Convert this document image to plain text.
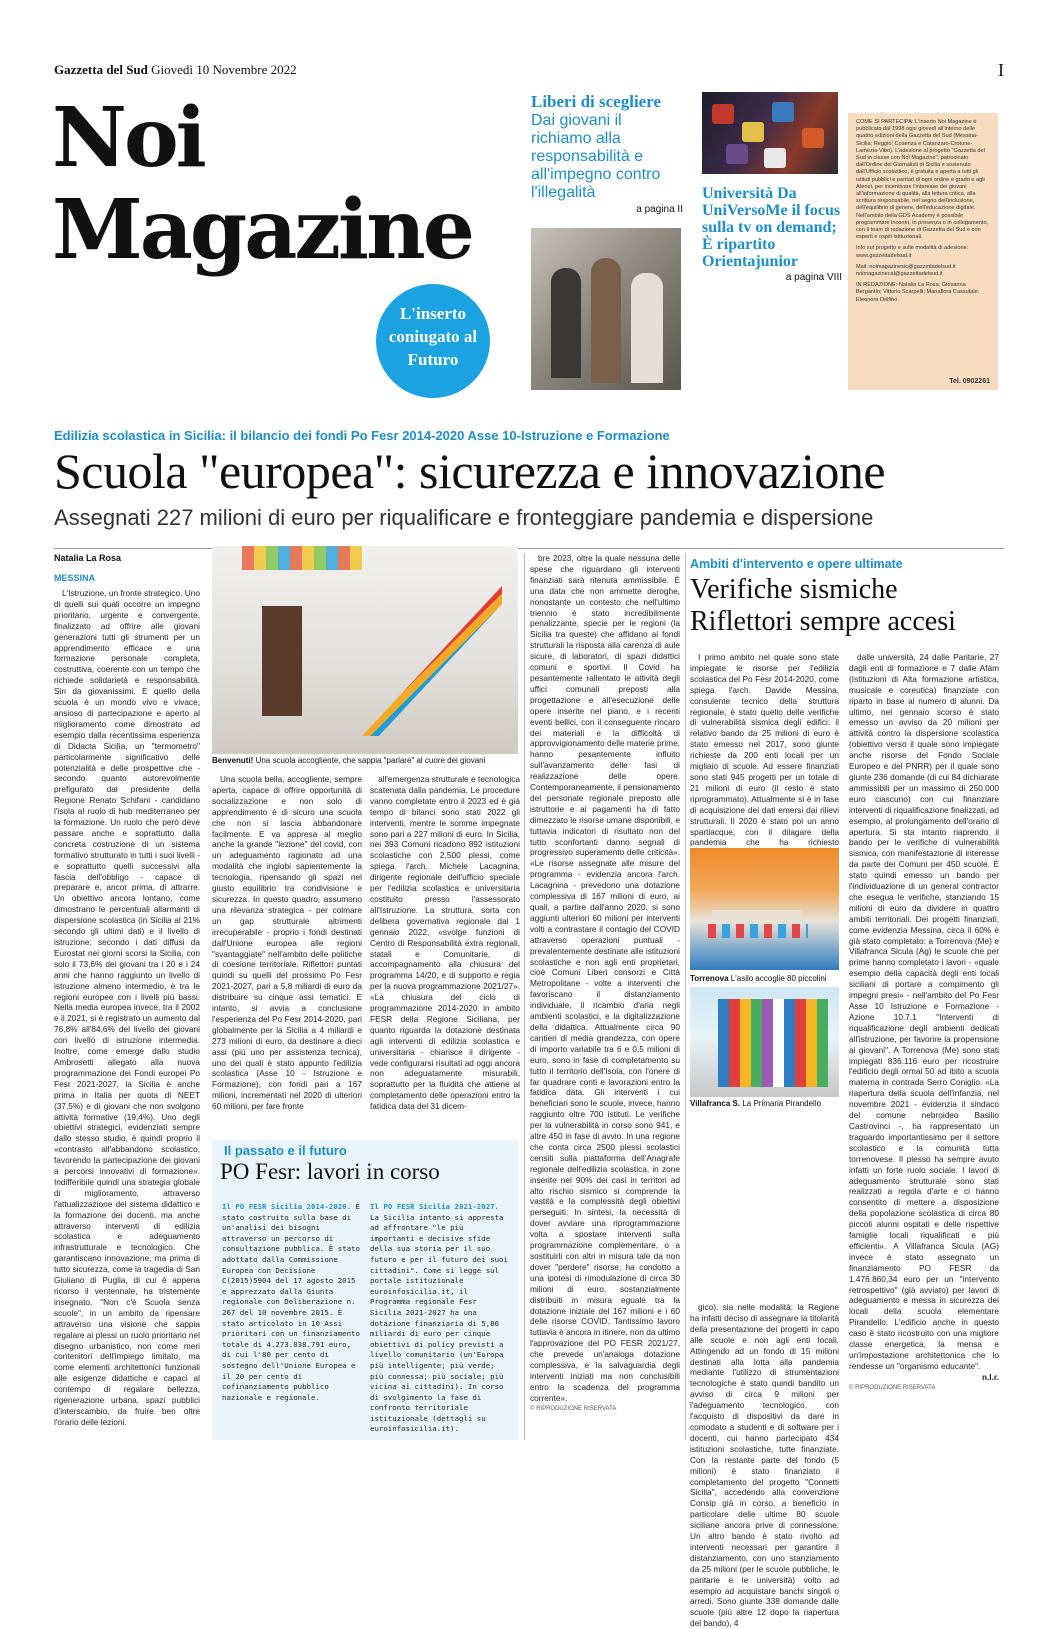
Gazzetta del Sud Giovedì 10 Novembre 2022	I
Noi
Magazine
L'inserto coniugato al Futuro
Liberi di scegliere
Dai giovani il richiamo alla responsabilità e all'impegno contro l'illegalità
a pagina II
Università Da UniVersoMe il focus sulla tv on demand; È ripartito Orientajunior
a pagina VIII

COME SI PARTECIPA: L'inserto Noi Magazine è pubblicato dal 1998 ogni giovedì all'interno delle quattro edizioni della Gazzetta del Sud (Messina-Sicilia; Reggio; Cosenza e Catanzaro-Crotone-Lamezia-Vibo). L'adesione al progetto "Gazzetta del Sud in classe con Noi Magazine", patrocinato dall'Ordine dei Giornalisti di Sicilia e sostenuto dall'Ufficio scolastico, è gratuita e aperta a tutti gli istituti pubblici e paritari di ogni ordine e grado e agli Atenei, per incentivare l'interesse dei giovani all'informazione di qualità, alla lettura critica, alla scrittura responsabile, nel segno dell'inclusione, dell'equilibrio di genere, dell'educazione digitale. Nell'ambito della GDS Academy è possibile programmare incontri, in presenza o in collegamento, con il team di redazione di Gazzetta del Sud e con esperti e ospiti istituzionali.

Info sul progetto e sulle modalità di adesione: www.gazzettadelsud.it

Mail: noimagazinesic@gazzettadelsud.it noimagazinecal@gazzettadelsud.it

IN REDAZIONE: Natalia La Rosa; Giovanna Bergantin; Vittorio Scarpelli; Mariaflora Cassutale; Eleonora Delfino.

Tel. 0902261
Edilizia scolastica in Sicilia: il bilancio dei fondi Po Fesr 2014-2020 Asse 10-Istruzione e Formazione
Scuola "europea": sicurezza e innovazione
Assegnati 227 milioni di euro per riqualificare e fronteggiare pandemia e dispersione
Natalia La Rosa
MESSINA

L'Istruzione, un fronte strategico. Uno di quelli sui quali occorre un impegno prioritario, urgente e convergente, finalizzato ad offrire alle giovani generazioni tutti gli strumenti per un apprendimento efficace e una formazione personale completa, costruttiva, coerente con un tempo che richiede solidarietà e responsabilità. Sin da giovanissimi. E quello della scuola è un mondo vivo e vivace, ansioso di partecipazione e aperto al miglioramento come dimostrato ad esempio dalla recentissima esperienza di Didacta Sicilia, un "termometro" particolarmente significativo delle potenzialità e delle prospettive che - secondo quanto autorevolmente prefigurato dal presidente della Regione Renato Schifani - candidano l'isola al ruolo di hub mediterraneo per la formazione. Un ruolo che però deve passare anche e soprattutto dalla concreta costruzione di un sistema formativo strutturato in tutti i suoi livelli - e soprattutto quelli successivi alla fascia dell'obbligo - capace di preparare e, ancor prima, di attrarre. Un obiettivo ancora lontano, come dimostrano le percentuali allarmanti di dispersione scolastica (in Sicilia al 21% secondo gli ultimi dati) e il livello di istruzione: secondo i dati diffusi da Eurostat nei giorni scorsi la Sicilia, con solo il 73,6% dei giovani tra i 20 e i 24 anni che hanno raggiunto un livello di istruzione almeno intermedio, è tra le regioni europee con i livelli più bassi. Nella media europea invece, tra il 2002 e il 2021, si è registrato un aumento dal 76,8% all'84,6% del livello dei giovani con livello di istruzione intermedia. Inoltre, come emerge dallo studio Ambrosetti allegato alla nuova programmazione dei Fondi europei Po Fesr 2021-2027, la Sicilia è anche prima in Italia per quota di NEET (37,5%) e di giovani che non svolgono attività formative (19,4%). Uno degli obiettivi strategici, evidenziati sempre dallo stesso studio, è quindi proprio il «contrasto all'abbandono scolastico, favorendo la partecipazione dei giovani a percorsi innovativi di formazione». Indifferibile quindi una strategia globale di miglioramento, attraverso l'attualizzazione del sistema didattico e la formazione dei docenti, ma anche attraverso interventi di edilizia scolastica e adeguamento infrastrutturale e tecnologico. Che garantiscano innovazione, ma prima di tutto sicurezza, come la tragedia di San Giuliano di Puglia, di cui è appena ricorso il ventennale, ha tristemente insegnato. "Non c'è Scuola senza scuole", in un ambito da ripensare attraverso una visione che sappia regalare ai plessi un ruolo prioritario nel disegno urbanistico, non come meri contenitori dell'impiego limitato, ma come elementi architettonici funzionali alle esigenze didattiche e capaci al contempo di regalare bellezza, rigenerazione urbana, spazi pubblici d'interscambio, da fruire ben oltre l'orario delle lezioni.

Benvenuti! Una scuola accogliente, che sappia "parlare" al cuore dei giovani

Una scuola bella, accogliente, sempre aperta, capace di offrire opportunità di socializzazione e non solo di apprendimento è di sicuro una scuola che non si lascia abbandonare facilmente. E va appresa al meglio anche la grande "lezione" del covid, con un adeguamento ragionato ad una modalità che inglobi sapientemente la tecnologia, ripensando gli spazi nel giusto equilibrio tra condivisione e sicurezza. In questo quadro, assumono una rilevanza strategica - per colmare un gap strutturale altrimenti irrecuperabile - proprio i fondi destinati dall'Unione europea alle regioni "svantaggiate" nell'ambito delle politiche di coesione territoriale. Riflettori puntati quindi su quelli del prossimo Po Fesr 2021-2027, pari a 5,8 miliardi di euro da distribuire su cinque assi tematici. E intanto, si avvia a conclusione l'esperienza del Po Fesr 2014-2020, pari globalmente per la Sicilia a 4 miliardi e 273 milioni di euro, da destinare a dieci assi (più uno per assistenza tecnica), uno dei quali è stato appunto l'edilizia scolastica (Asse 10 - Istruzione e Formazione), con fondi pari a 167 milioni, incrementati nel 2020 di ulteriori 60 milioni, per fare fronte

all'emergenza strutturale e tecnologica scatenata dalla pandemia. Le procedure vanno completate entro il 2023 ed è già tempo di bilanci sono stati 2022 gli interventi, mentre le somme impegnate sono pari a 227 milioni di euro. In Sicilia, nei 393 Comuni ricadono 892 istituzioni scolastiche con 2.500 plessi, come spiega l'arch. Michele Lacagnina, dirigente regionale dell'ufficio speciale per l'edilizia scolastica e universitaria costituito presso l'assessorato all'Istruzione. La struttura, sorta con delibera governativa regionale dal 1 gennaio 2022, «svolge funzioni di Centro di Responsabilità extra regionali, statali e Comunitarie, di accompagnamento alla chiusura del programma 14/20, e di supporto e regia per la nuova programmazione 2021/27». «La chiusura del ciclo di programmazione 2014-2020 in ambito FESR della Regione Siciliana, per quanto riguarda la dotazione destinata agli interventi di edilizia scolastica e universitaria - chiarisce il dirigente - vede configurarsi risultati ad oggi ancora non adeguatamente misurabili, soprattutto per la fluidità che attiene al completamento delle operazioni entro la fatidica data del 31 dicem-

bre 2023, oltre la quale nessuna delle spese che riguardano gli interventi finanziati sarà ritenuta ammissibile. È una data che non ammette deroghe, nonostante un contesto che nell'ultimo triennio è stato incredibilmente penalizzante, specie per le regioni (la Sicilia tra queste) che affidano ai fondi strutturali la risposta alla carenza di aule sicure, di laboratori, di spazi didattici comuni e sportivi. Il Covid ha pesantemente rallentato le attività degli uffici comunali preposti alla progettazione e all'esecuzione delle opere inserite nel piano, e i recenti eventi bellici, con il conseguente rincaro dei materiali e la difficoltà di approvvigionamento delle materie prime, hanno pesantemente influito sull'avanzamento delle fasi di realizzazione delle opere. Contemporaneamente, il pensionamento del personale regionale preposto alle istruttorie e ai pagamenti ha di fatto dimezzato le risorse umane disponibili, e tuttavia indicatori di risultato non del tutto sconfortanti danno segnali di progressivo superamento delle criticità». «Le risorse assegnate alle misure del programma - evidenzia ancora l'arch. Lacagnina - prevedono una dotazione complessiva di 167 milioni di euro, ai quali, a partire dall'anno 2020, si sono aggiunti ulteriori 60 milioni per interventi volti a contrastare il contagio del COVID attraverso operazioni puntuali - prevalentemente destinate alle istituzioni scolastiche e non agli enti proprietari, cioè Comuni Liberi consorzi e Città Metropolitane - volte a interventi che favoriscano il distanziamento individuale, il ricambio d'aria negli ambienti scolastici, e la digitalizzazione della didattica. Attualmente circa 90 cantieri di media grandezza, con opere di importo variabile tra 6 e 0,5 milioni di euro, sono in fase di completamento su tutto il territorio dell'Isola, con l'onere di far quadrare conti e lavorazioni entro la fatidica data. Gli interventi i cui beneficiari sono le scuole, invece, hanno raggiunto oltre 700 istituti. Le verifiche per la vulnerabilità in corso sono 941, e altre 450 in fase di avvio. In una regione che conta circa 2500 plessi scolastici censiti sulla piattaforma dell'Anagrafe regionale dell'edilizia scolastica, in zone inserite nel 90% dei casi in territori ad alto rischio sismico si comprende la vastità e la complessità degli obiettivi perseguiti. In sintesi, la necessità di dover avviare una riprogrammazione volta a spostare interventi sulla programmazione complementare, o a sostituirli con altri in misura tale da non dover "perdere" risorse, ha condotto a una ipotesi di rimodulazione di circa 30 milioni di euro, sostanzialmente distribuiti in misura eguale tra la dotazione iniziale del 167 milioni e i 60 delle risorse COVID. Tantissimo lavoro tuttavia è ancora in itinere, non da ultimo l'approvazione del PO FESR 2021/27, che prevede un'analoga dotazione complessiva, e la salvaguardia degli interventi iniziati ma non conclusibili entro la scadenza del programma corrente».

© RIPRODUZIONE RISERVATA
Il passato e il futuro
PO Fesr: lavori in corso
Il PO FESR Sicilia 2014-2020. È stato costruito sulla base di un'analisi dei bisogni attraverso un percorso di consultazione pubblica. È stato adottato dalla Commissione Europea con Decisione C(2015)5904 del 17 agosto 2015 e apprezzato dalla Giunta regionale con Deliberazione n. 267 del 10 novembre 2015. È stato articolato in 10 Assi prioritari con un finanziamento totale di 4.273.038.791 euro, di cui l'80 per cento di sostegno dell'Unione Europea e il 20 per cento di cofinanziamento pubblico nazionale e regionale.
Il PO FESR Sicilia 2021-2027. La Sicilia intanto si appresta ad affrontare "le più importanti e decisive sfide della sua storia per il suo futuro e per il futuro dei suoi cittadini". Come si legge sul portale istituzionale euroinfosicilia.it, il Programma regionale Fesr Sicilia 2021-2027 ha una dotazione finanziaria di 5,86 miliardi di euro per cinque obiettivi di policy previsti a livello comunitario (un'Europa più intelligente; più verde; più connessa; più sociale; più vicina ai cittadini). In corso di svolgimento la fase di confronto territoriale istituzionale (dettagli su euroinfosicilia.it).
Ambiti d'intervento e opere ultimate
Verifiche sismiche Riflettori sempre accesi

I primo ambito nel quale sono state impiegate le risorse per l'edilizia scolastica del Po Fesr 2014-2020, come spiega l'arch. Davide Messina, consulente tecnico della struttura regionale, è stato quello delle verifiche di vulnerabilità sismica degli edifici: il relativo bando da 25 milioni di euro è stato emesso nel 2017, sono giunte richieste da 200 enti locali per un migliaio di scuole. Ad essere finanziati sono stati 945 progetti per un totale di 21 milioni di euro (il resto è stato riprogrammato). Attualmente si è in fase di acquisizione dei dati emersi dai rilievi strutturali. Il 2020 è stato poi un anno spartiacque, con il dilagare della pandemia che ha richiesto

gico), sia nelle modalità: la Regione ha infatti deciso di assegnare la titolarità della presentazione dei progetti in capo alle scuole e non agli enti locali. Attingendo ad un fondo di 15 milioni destinati alla lotta alla pandemia mediante l'utilizzo di strumentazioni tecnologiche è stato quindi bandito un avviso di circa 9 milioni per l'adeguamento tecnologico, con l'acquisto di dispositivi da dare in comodato a studenti e di software per i docenti, cui hanno partecipato 434 istituzioni scolastiche, tutte finanziate. Con la restante parte del fondo (5 milioni) è stato finanziato il completamento del progetto "Connetti Sicilia", accedendo alla convenzione Consip già in corso, a beneficio in particolare delle ultime 80 scuole siciliane ancora prive di connessione. Un altro bando è stato rivolto ad interventi necessari per garantire il distanziamento, con uno stanziamento da 25 milioni (per le scuole pubbliche, le paritarie e le università) volto ad esempio ad acquistare banchi singoli o arredi. Sono giunte 338 domande dalle scuole (più altre 12 dopo la riapertura del bando), 4

Torrenova L'asilo accoglie 80 piccolini
Villafranca S. La Primaria Pirandello

dalle università, 24 dalle Paritarie, 27 dagli enti di formazione e 7 dalle Afam (Istituzioni di Alta formazione artistica, musicale e coreutica) finanziate con riparto in base al numero di alunni. Da ultimo, nel gennaio scorso è stato emesso un avviso da 20 milioni per attività contro la dispersione scolastica (obiettivo verso il quale sono impiegate anche risorse del Fondo Sociale Europeo e del PNRR) per il quale sono giunte 236 domande (di cui 84 dichiarate ammissibili per un massimo di 250.000 euro ciascuno) con cui finanziare interventi di riqualificazione finalizzati, ad esempio, al prolungamento dell'orario di apertura. Si sta intanto riaprendo il bando per le verifiche di vulnerabilità sismica, con manifestazione di interesse da parte dei Comuni per 450 scuole. È stato quindi emesso un bando per l'individuazione di un general contractor che esegua le verifiche, stanziando 15 milioni di euro da dividere in quattro ambiti territoriali. Dei progetti finanziati, come evidenzia Messina, circa il 60% è già stato completato: a Torrenova (Me) e Villafranca Sicula (Ag) le scuole che per prime hanno completato i lavori - «quale esempio della capacità degli enti locali siciliani di portare a compimento gli impegni presi» - nell'ambito del Po Fesr Asse 10 Istruzione e Formazione - Azione 10.7.1 "Interventi di riqualificazione degli ambienti dedicati all'istruzione, per favorire la propensione ai giovani". A Torrenova (Me) sono stati impiegati 836.116 euro per ricostruire l'edificio degli ormai 50 ad ibito a scuola materna in contrada Serro Coniglio. «La riapertura della scuola dell'infanzia, nel novembre 2021 - evidenzia il sindaco del comune nebroideo Basilio Castrovinci -, ha rappresentato un traguardo importantissimo per il settore scolastico e la comunità tutta torrenovese. Il plesso ha sempre avuto infatti un forte ruolo sociale. I lavori di adeguamento strutturale sono stati realizzati a regola d'arte e ci hanno consentito di mettere a disposizione della popolazione scolastica di circa 80 piccoli alunni ospitati e delle rispettive famiglie locali riqualificati e più efficienti». A Villafranca Sicula (AG) invece è stato assegnato un finanziamento PO FESR da 1.476.860,34 euro per un "intervento retrospettivo" (già avviato) per lavori di adeguamento e messa in sicurezza dei locali della scuola elementare Pirandello. L'edificio anche in questo caso è stato ricostruito con una migliore classe energetica, la mensa e un'impostazione architettonica che lo rendesse un "organismo educante".

n.l.r.
© RIPRODUZIONE RISERVATA
